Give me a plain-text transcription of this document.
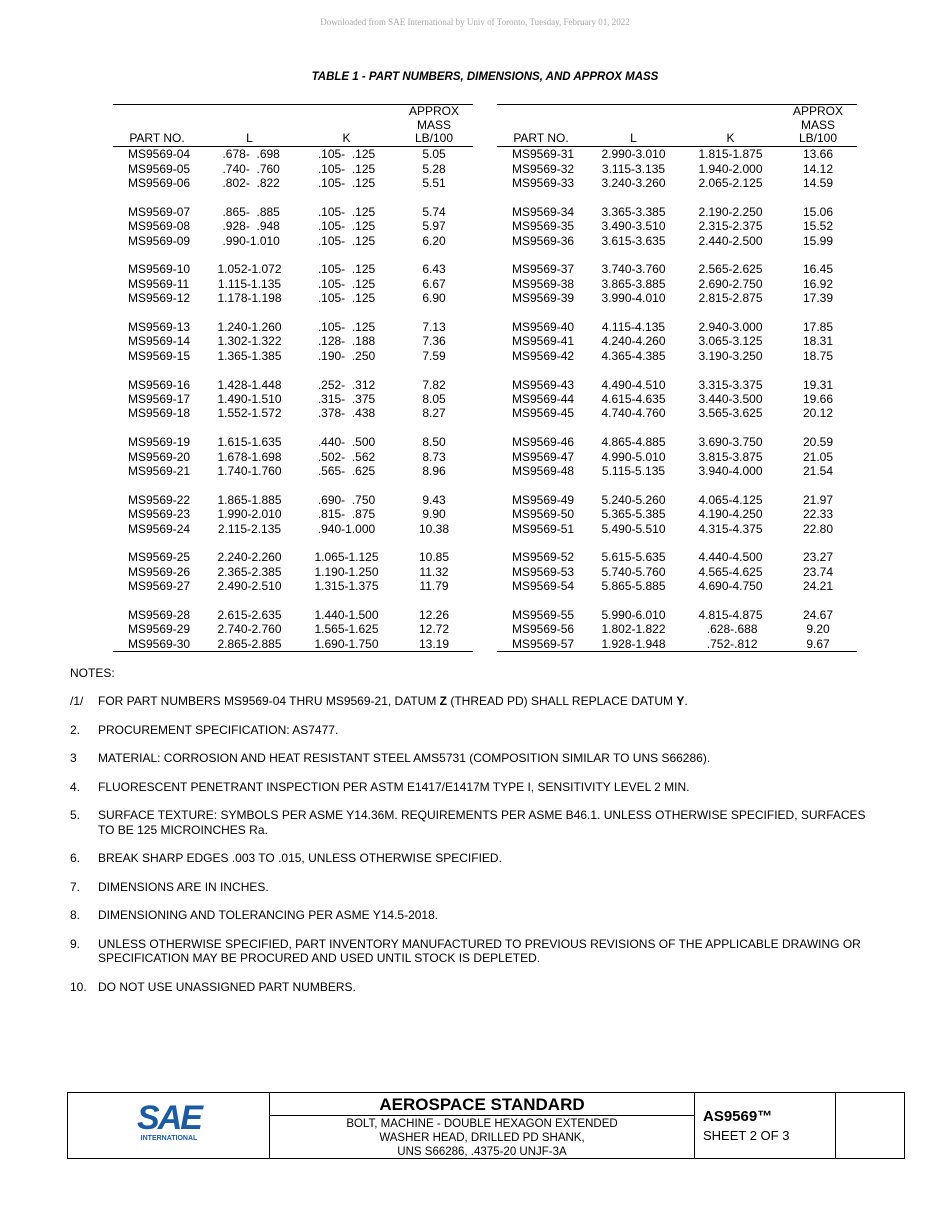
Downloaded from SAE International by Univ of Toronto, Tuesday, February 01, 2022
TABLE 1 - PART NUMBERS, DIMENSIONS, AND APPROX MASS
PART NO.	L	K	APPROX
MASS
LB/100
MS9569-04	.678-  .698	.105-  .125	5.05
MS9569-05	.740-  .760	.105-  .125	5.28
MS9569-06	.802-  .822	.105-  .125	5.51

MS9569-07	.865-  .885	.105-  .125	5.74
MS9569-08	.928-  .948	.105-  .125	5.97
MS9569-09	.990-1.010	.105-  .125	6.20

MS9569-10	1.052-1.072	.105-  .125	6.43
MS9569-11	1.115-1.135	.105-  .125	6.67
MS9569-12	1.178-1.198	.105-  .125	6.90

MS9569-13	1.240-1.260	.105-  .125	7.13
MS9569-14	1.302-1.322	.128-  .188	7.36
MS9569-15	1.365-1.385	.190-  .250	7.59

MS9569-16	1.428-1.448	.252-  .312	7.82
MS9569-17	1.490-1.510	.315-  .375	8.05
MS9569-18	1.552-1.572	.378-  .438	8.27

MS9569-19	1.615-1.635	.440-  .500	8.50
MS9569-20	1.678-1.698	.502-  .562	8.73
MS9569-21	1.740-1.760	.565-  .625	8.96

MS9569-22	1.865-1.885	.690-  .750	9.43
MS9569-23	1.990-2.010	.815-  .875	9.90
MS9569-24	2.115-2.135	.940-1.000	10.38

MS9569-25	2.240-2.260	1.065-1.125	10.85
MS9569-26	2.365-2.385	1.190-1.250	11.32
MS9569-27	2.490-2.510	1.315-1.375	11.79

MS9569-28	2.615-2.635	1.440-1.500	12.26
MS9569-29	2.740-2.760	1.565-1.625	12.72
MS9569-30	2.865-2.885	1.690-1.750	13.19
PART NO.	L	K	APPROX
MASS
LB/100
MS9569-31	2.990-3.010	1.815-1.875	13.66
MS9569-32	3.115-3.135	1.940-2.000	14.12
MS9569-33	3.240-3.260	2.065-2.125	14.59

MS9569-34	3.365-3.385	2.190-2.250	15.06
MS9569-35	3.490-3.510	2.315-2.375	15.52
MS9569-36	3.615-3.635	2.440-2.500	15.99

MS9569-37	3.740-3.760	2.565-2.625	16.45
MS9569-38	3.865-3.885	2.690-2.750	16.92
MS9569-39	3.990-4.010	2.815-2.875	17.39

MS9569-40	4.115-4.135	2.940-3.000	17.85
MS9569-41	4.240-4.260	3.065-3.125	18.31
MS9569-42	4.365-4.385	3.190-3.250	18.75

MS9569-43	4.490-4.510	3.315-3.375	19.31
MS9569-44	4.615-4.635	3.440-3.500	19.66
MS9569-45	4.740-4.760	3.565-3.625	20.12

MS9569-46	4.865-4.885	3.690-3.750	20.59
MS9569-47	4.990-5.010	3.815-3.875	21.05
MS9569-48	5.115-5.135	3.940-4.000	21.54

MS9569-49	5.240-5.260	4.065-4.125	21.97
MS9569-50	5.365-5.385	4.190-4.250	22.33
MS9569-51	5.490-5.510	4.315-4.375	22.80

MS9569-52	5.615-5.635	4.440-4.500	23.27
MS9569-53	5.740-5.760	4.565-4.625	23.74
MS9569-54	5.865-5.885	4.690-4.750	24.21

MS9569-55	5.990-6.010	4.815-4.875	24.67
MS9569-56	1.802-1.822	.628-.688	9.20
MS9569-57	1.928-1.948	.752-.812	9.67
NOTES:
/1/ FOR PART NUMBERS MS9569-04 THRU MS9569-21, DATUM Z (THREAD PD) SHALL REPLACE DATUM Y.
2. PROCUREMENT SPECIFICATION: AS7477.
3 MATERIAL: CORROSION AND HEAT RESISTANT STEEL AMS5731 (COMPOSITION SIMILAR TO UNS S66286).
4. FLUORESCENT PENETRANT INSPECTION PER ASTM E1417/E1417M TYPE I, SENSITIVITY LEVEL 2 MIN.
5. SURFACE TEXTURE: SYMBOLS PER ASME Y14.36M. REQUIREMENTS PER ASME B46.1. UNLESS OTHERWISE SPECIFIED, SURFACES TO BE 125 MICROINCHES Ra.
6. BREAK SHARP EDGES .003 TO .015, UNLESS OTHERWISE SPECIFIED.
7. DIMENSIONS ARE IN INCHES.
8. DIMENSIONING AND TOLERANCING PER ASME Y14.5-2018.
9. UNLESS OTHERWISE SPECIFIED, PART INVENTORY MANUFACTURED TO PREVIOUS REVISIONS OF THE APPLICABLE DRAWING OR SPECIFICATION MAY BE PROCURED AND USED UNTIL STOCK IS DEPLETED.
10. DO NOT USE UNASSIGNED PART NUMBERS.
SAE
INTERNATIONAL
AEROSPACE STANDARD
BOLT, MACHINE - DOUBLE HEXAGON EXTENDED
WASHER HEAD, DRILLED PD SHANK,
UNS S66286, .4375-20 UNJF-3A
AS9569™
SHEET 2 OF 3
